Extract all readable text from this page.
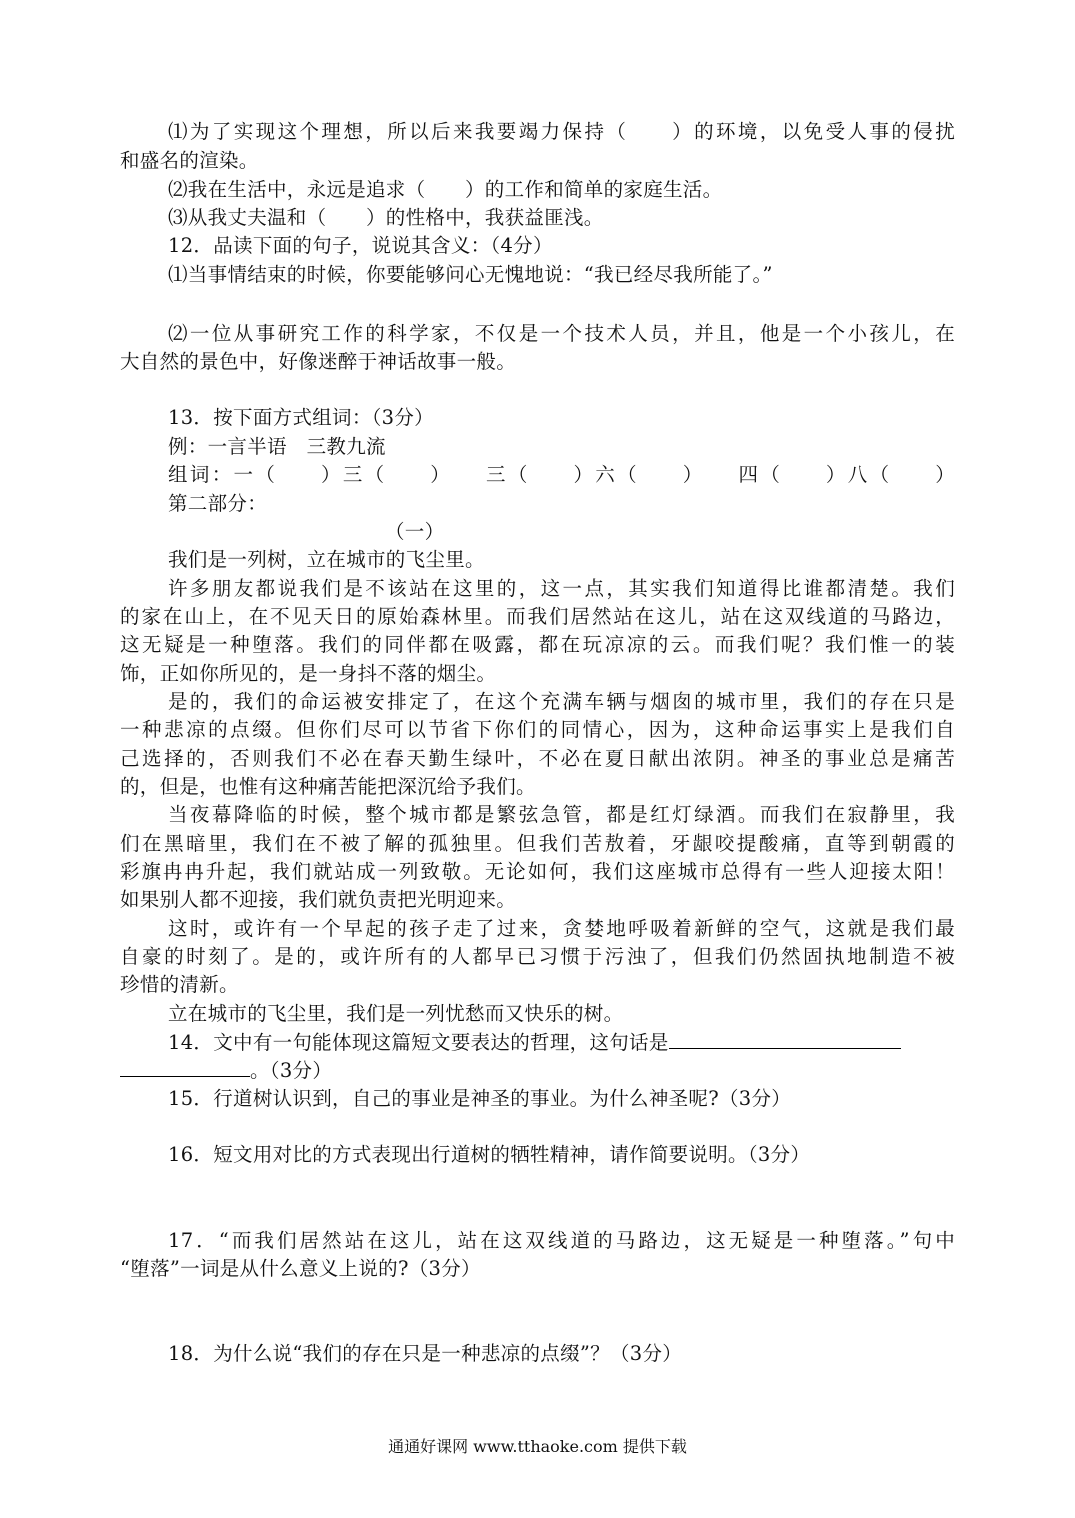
⑴为了实现这个理想，所以后来我要竭力保持（　　）的环境，以免受人事的侵扰
和盛名的渲染。
⑵我在生活中，永远是追求（　　）的工作和简单的家庭生活。
⑶从我丈夫温和（　　）的性格中，我获益匪浅。
12．品读下面的句子，说说其含义：（4分）
⑴当事情结束的时候，你要能够问心无愧地说：“我已经尽我所能了。”
⑵一位从事研究工作的科学家，不仅是一个技术人员，并且，他是一个小孩儿，在
大自然的景色中，好像迷醉于神话故事一般。
13．按下面方式组词：（3分）
例：一言半语　三教九流
组词：一（　　）三（　　）　　三（　　）六（　　）　　四（　　）八（　　）
第二部分：
（一）
我们是一列树，立在城市的飞尘里。
许多朋友都说我们是不该站在这里的，这一点，其实我们知道得比谁都清楚。我们
的家在山上，在不见天日的原始森林里。而我们居然站在这儿，站在这双线道的马路边，
这无疑是一种堕落。我们的同伴都在吸露，都在玩凉凉的云。而我们呢？我们惟一的装
饰，正如你所见的，是一身抖不落的烟尘。
是的，我们的命运被安排定了，在这个充满车辆与烟囱的城市里，我们的存在只是
一种悲凉的点缀。但你们尽可以节省下你们的同情心，因为，这种命运事实上是我们自
己选择的，否则我们不必在春天勤生绿叶，不必在夏日献出浓阴。神圣的事业总是痛苦
的，但是，也惟有这种痛苦能把深沉给予我们。
当夜幕降临的时候，整个城市都是繁弦急管，都是红灯绿酒。而我们在寂静里，我
们在黑暗里，我们在不被了解的孤独里。但我们苦敖着，牙龈咬提酸痛，直等到朝霞的
彩旗冉冉升起，我们就站成一列致敬。无论如何，我们这座城市总得有一些人迎接太阳！
如果别人都不迎接，我们就负责把光明迎来。
这时，或许有一个早起的孩子走了过来，贪婪地呼吸着新鲜的空气，这就是我们最
自豪的时刻了。是的，或许所有的人都早已习惯于污浊了，但我们仍然固执地制造不被
珍惜的清新。
立在城市的飞尘里，我们是一列忧愁而又快乐的树。
14．文中有一句能体现这篇短文要表达的哲理，这句话是
。（3分）
15．行道树认识到，自己的事业是神圣的事业。为什么神圣呢?（3分）
16．短文用对比的方式表现出行道树的牺牲精神，请作简要说明。（3分）
17．“而我们居然站在这儿，站在这双线道的马路边，这无疑是一种堕落。”句中
“堕落”一词是从什么意义上说的?（3分）
18．为什么说“我们的存在只是一种悲凉的点缀”？（3分）
通通好课网 www.tthaoke.com 提供下载
